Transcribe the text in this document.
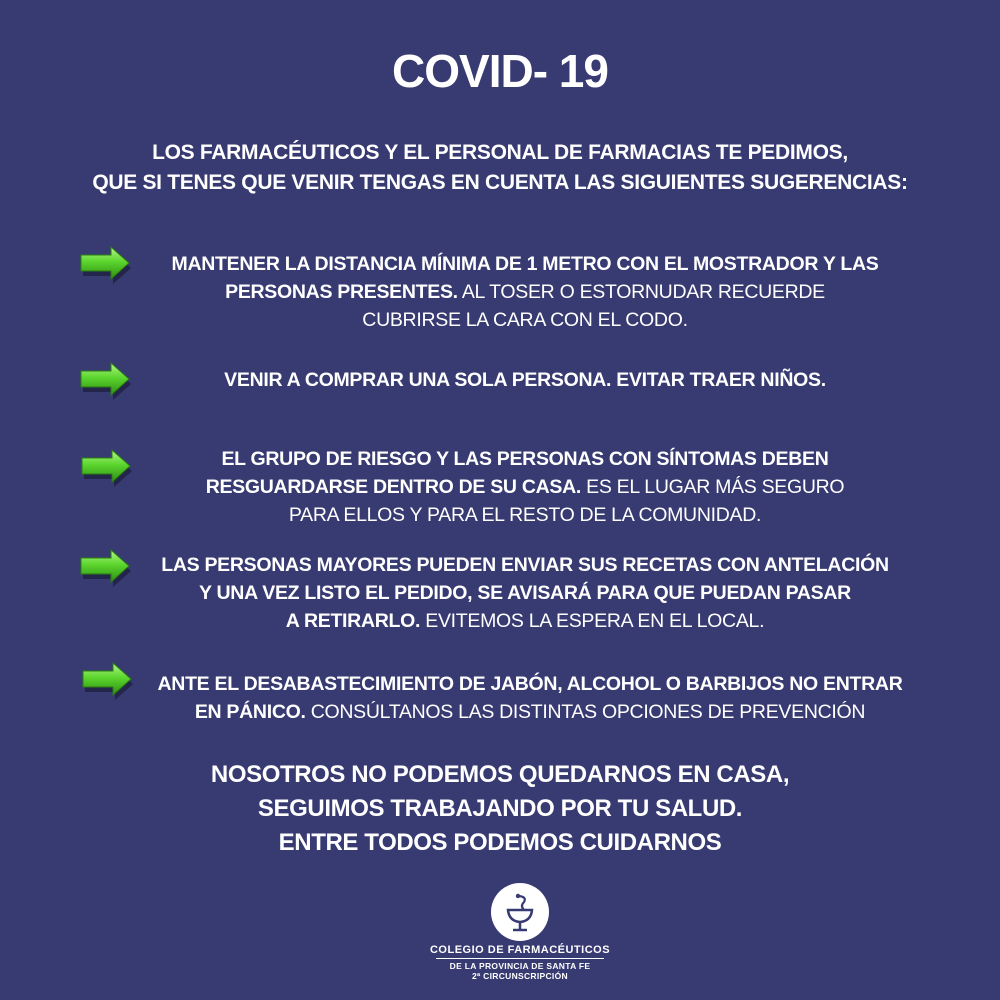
COVID- 19
LOS FARMACÉUTICOS Y EL PERSONAL DE FARMACIAS TE PEDIMOS,
QUE SI TENES QUE VENIR TENGAS EN CUENTA LAS SIGUIENTES SUGERENCIAS:
MANTENER LA DISTANCIA MÍNIMA DE 1 METRO CON EL MOSTRADOR Y LAS
PERSONAS PRESENTES. AL TOSER O ESTORNUDAR RECUERDE
CUBRIRSE LA CARA CON EL CODO.
VENIR A COMPRAR UNA SOLA PERSONA. EVITAR TRAER NIÑOS.
EL GRUPO DE RIESGO Y LAS PERSONAS CON SÍNTOMAS DEBEN
RESGUARDARSE DENTRO DE SU CASA. ES EL LUGAR MÁS SEGURO
PARA ELLOS Y PARA EL RESTO DE LA COMUNIDAD.
LAS PERSONAS MAYORES PUEDEN ENVIAR SUS RECETAS CON ANTELACIÓN
Y UNA VEZ LISTO EL PEDIDO, SE AVISARÁ PARA QUE PUEDAN PASAR
A RETIRARLO. EVITEMOS LA ESPERA EN EL LOCAL.
ANTE EL DESABASTECIMIENTO DE JABÓN, ALCOHOL O BARBIJOS NO ENTRAR
EN PÁNICO. CONSÚLTANOS LAS DISTINTAS OPCIONES DE PREVENCIÓN
NOSOTROS NO PODEMOS QUEDARNOS EN CASA,
SEGUIMOS TRABAJANDO POR TU SALUD.
ENTRE TODOS PODEMOS CUIDARNOS
COLEGIO DE FARMACÉUTICOS
DE LA PROVINCIA DE SANTA FE
2ª CIRCUNSCRIPCIÓN
